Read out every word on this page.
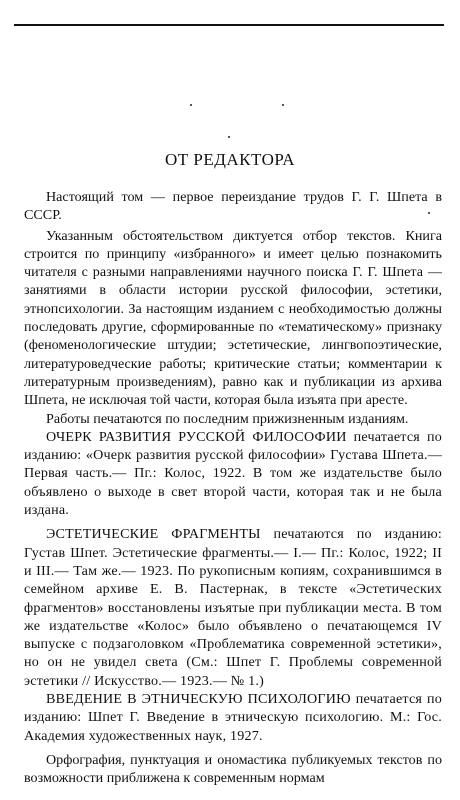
ОТ РЕДАКТОРА

Настоящий том — первое переиздание трудов Г. Г. Шпета в СССР.

Указанным обстоятельством диктуется отбор текстов. Книга строится по принципу «избранного» и имеет целью познакомить читателя с разными направлениями научного поиска Г. Г. Шпета — занятиями в области истории русской философии, эстетики, этнопсихологии. За настоящим изданием с необходимостью должны последовать другие, сформированные по «тематическому» признаку (феноменологические штудии; эстетические, лингвопоэтические, литературоведческие работы; критические статьи; комментарии к литературным произведениям), равно как и публикации из архива Шпета, не исключая той части, которая была изъята при аресте.

Работы печатаются по последним прижизненным изданиям.

ОЧЕРК РАЗВИТИЯ РУССКОЙ ФИЛОСОФИИ печатается по изданию: «Очерк развития русской философии» Густава Шпета.— Первая часть.— Пг.: Колос, 1922. В том же издательстве было объявлено о выходе в свет второй части, которая так и не была издана.

ЭСТЕТИЧЕСКИЕ ФРАГМЕНТЫ печатаются по изданию: Густав Шпет. Эстетические фрагменты.— I.— Пг.: Колос, 1922; II и III.— Там же.— 1923. По рукописным копиям, сохранившимся в семейном архиве Е. В. Пастернак, в тексте «Эстетических фрагментов» восстановлены изъятые при публикации места. В том же издательстве «Колос» было объявлено о печатающемся IV выпуске с подзаголовком «Проблематика современной эстетики», но он не увидел света (См.: Шпет Г. Проблемы современной эстетики // Искусство.— 1923.— № 1.)

ВВЕДЕНИЕ В ЭТНИЧЕСКУЮ ПСИХОЛОГИЮ печатается по изданию: Шпет Г. Введение в этническую психологию. М.: Гос. Академия художественных наук, 1927.

Орфография, пунктуация и ономастика публикуемых текстов по возможности приближена к современным нормам
